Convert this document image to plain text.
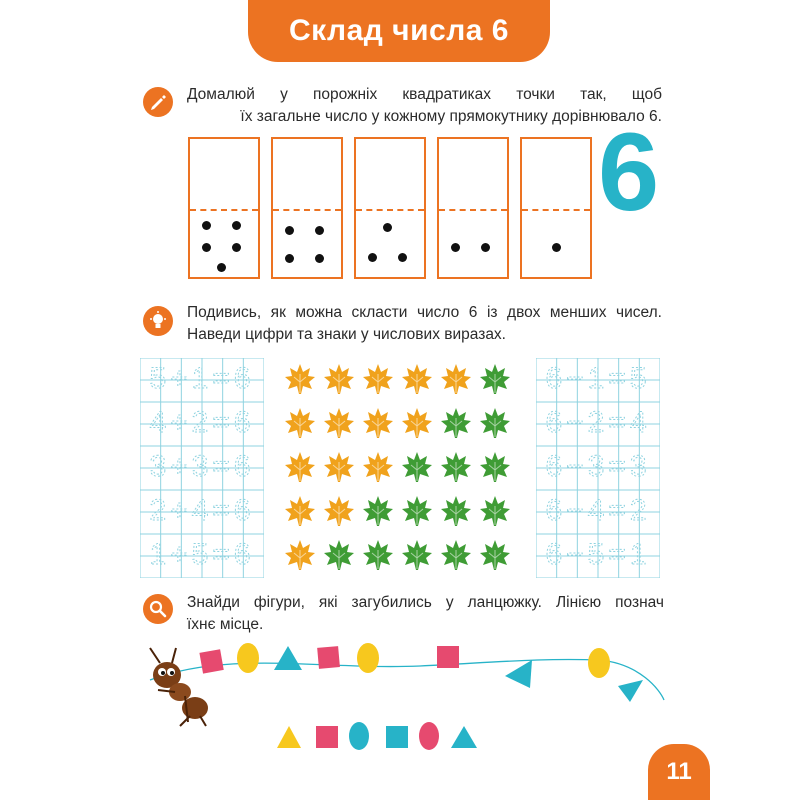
Склад числа 6
Домалюй у порожніх квадратиках точки так, щоб
їх загальне число у кожному прямокутнику дорівнювало 6.
6
Подивись, як можна скласти число 6 із двох менших чисел.
Наведи цифри та знаки у числових виразах.
5+1=6
4+2=6
3+3=6
2+4=6
1+5=6
6−1=5
6−2=4
6−3=3
6−4=2
6−5=1
Знайди фігури, які загубились у ланцюжку. Лінією познач
їхнє місце.
11
